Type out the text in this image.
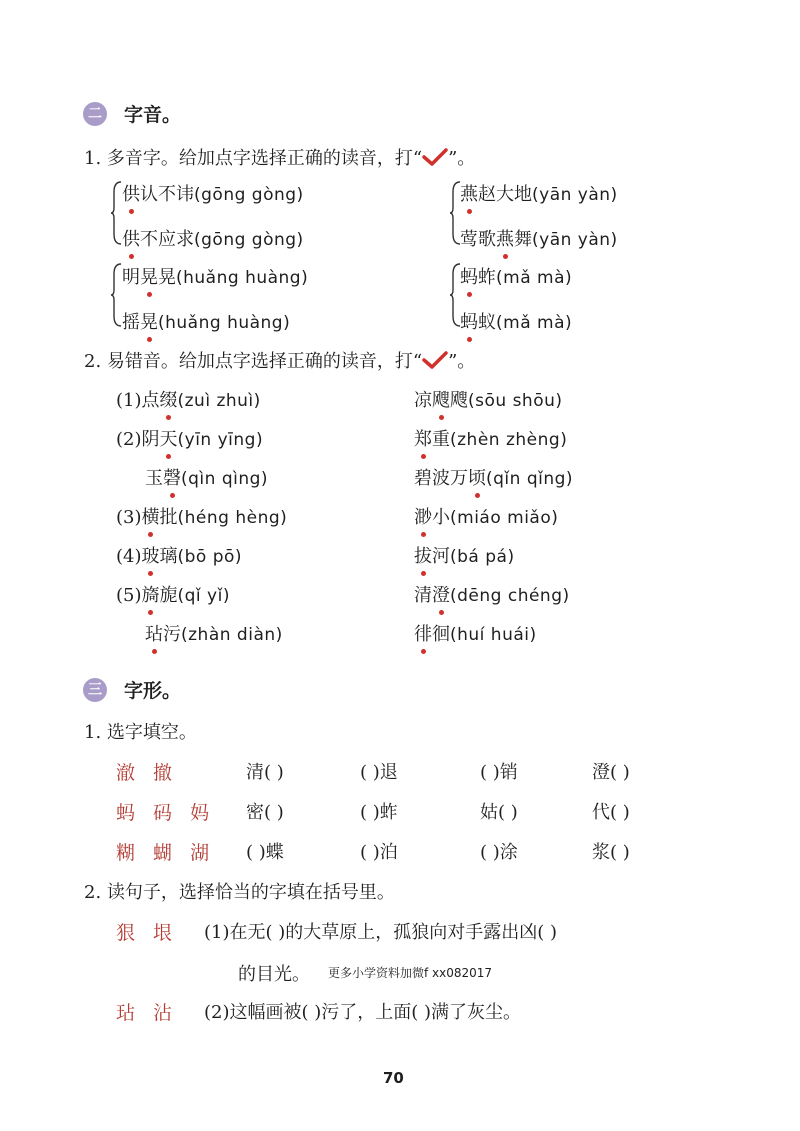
二 字音。
1. 多音字。给加点字选择正确的读音，打“ ”。
供认不讳(gōng gòng)
供不应求(gōng gòng)
明晃晃(huǎng huàng)
摇晃(huǎng huàng)
燕赵大地(yān yàn)
莺歌燕舞(yān yàn)
蚂蚱(mǎ mà)
蚂蚁(mǎ mà)
2. 易错音。给加点字选择正确的读音，打“ ”。
(1)点缀(zuì zhuì)
(2)阴天(yīn yīng)
玉磬(qìn qìng)
(3)横批(héng hèng)
(4)玻璃(bō pō)
(5)旖旎(qǐ yǐ)
玷污(zhàn diàn)
凉飕飕(sōu shōu)
郑重(zhèn zhèng)
碧波万顷(qǐn qǐng)
渺小(miáo miǎo)
拔河(bá pá)
清澄(dēng chéng)
徘徊(huí huái)
三 字形。
1. 选字填空。
澈 撤	清( )	( )退	( )销	澄( )
蚂 码 妈 密( )	( )蚱	姑( )	代( )
糊 蝴 湖 ( )蝶	( )泊	( )涂	浆( )
2. 读句子，选择恰当的字填在括号里。
狠 垠 (1)在无( )的大草原上，孤狼向对手露出凶( )
的目光。 更多小学资料加微f xx082017
玷 沾 (2)这幅画被( )污了，上面( )满了灰尘。
70
